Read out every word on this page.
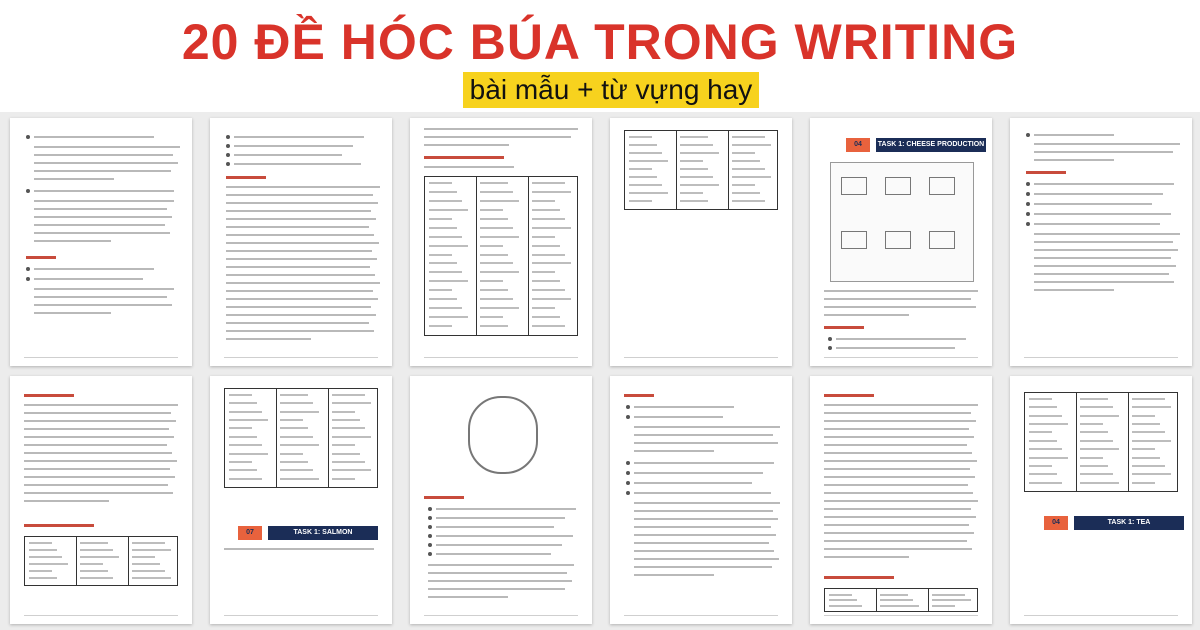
20 ĐỀ HÓC BÚA TRONG WRITING
bài mẫu + từ vựng hay
04	TASK 1: CHEESE PRODUCTION
07	TASK 1: SALMON
04	TASK 1: TEA
